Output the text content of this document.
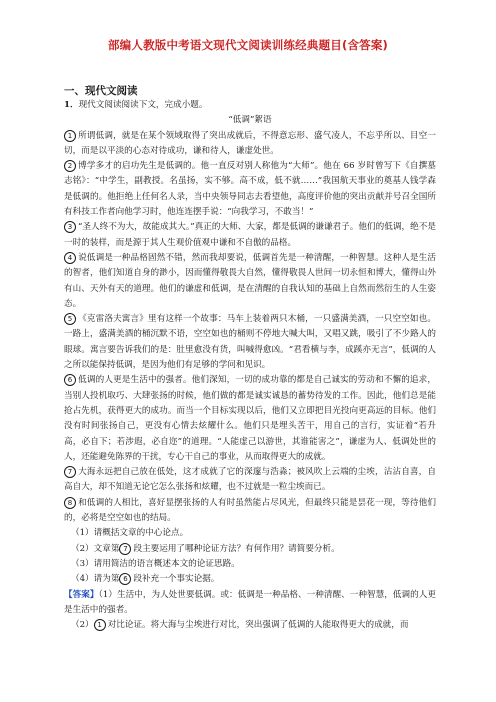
部编人教版中考语文现代文阅读训练经典题目(含答案)
一、现代文阅读

1．现代文阅读阅读下文，完成小题。

“低调”絮语

1 所谓低调，就是在某个领域取得了突出成就后，不得意忘形、盛气凌人，不忘乎所以、目空一切，而是以平淡的心态对待成功，谦和待人，谦虚处世。

2 博学多才的启功先生是低调的。他一直反对别人称他为“大师”。他在 66 岁时曾写下《自撰墓志铭》：“中学生，副教授。名虽扬，实不够。高不成，低不就……”我国航天事业的奠基人钱学森是低调的。他拒绝上任何名人录，当中央领导同志去看望他，高度评价他的突出贡献并号召全国所有科技工作者向他学习时，他连连摆手说：“向我学习，不敢当！”

3 “圣人终不为大，故能成其大。”真正的大师、大家，都是低调的谦谦君子。他们的低调，绝不是一时的装样，而是源于其人生观价值观中谦和不自傲的品格。

4 说低调是一种品格固然不错，然而我却要说，低调首先是一种清醒，一种智慧。这种人是生活的智者，他们知道自身的渺小，因而懂得敬畏大自然，懂得敬畏人世间一切永恒和博大，懂得山外有山、天外有天的道理。他们的谦虚和低调，是在清醒的自我认知的基础上自然而然衍生的人生姿态。

5 《克雷洛夫寓言》里有这样一个故事：马车上装着两只木桶，一只盛满美酒，一只空空如也。一路上，盛满美酒的桶沉默不语，空空如也的桶则不停地大喊大叫，又唱又跳，吸引了不少路人的眼球。寓言要告诉我们的是：肚里愈没有货，叫喊得愈凶。“君看横与李，成蹊亦无言”，低调的人之所以能保持低调，是因为他们有足够的学问和见识。

6 低调的人更是生活中的强者。他们深知，一切的成功靠的都是自己诚实的劳动和不懈的追求，当别人投机取巧、大肆张扬的时候，他们做的都是诚实诚恳的蓄势待发的工作。因此，他们总是能抢占先机，获得更大的成功。而当一个目标实现以后，他们又立即把目光投向更高远的目标。他们没有时间张扬自己，更没有心情去炫耀什么。他们只是埋头苦干，用自己的言行，实证着“若升高，必自下；若涉遐，必自迩”的道理。“人能虚己以游世，其谁能害之”，谦虚为人、低调处世的人，还能避免陈界的干扰，专心干自己的事业，从而取得更大的成就。

7 大海永远把自己放在低处，这才成就了它的深邃与浩淼；被风吹上云端的尘埃，沾沾自喜，自高自大，却不知道无论它怎么张扬和炫耀，也不过就是一粒尘埃而已。

8 和低调的人相比，喜好显摆张扬的人有时虽然能占尽风光，但最终只能是昙花一现，等待他们的，必将是空空如也的结局。

（1）请概括文章的中心论点。

（2）文章第 7 段主要运用了哪种论证方法？有何作用？请简要分析。

（3）请用简洁的语言概述本文的论证思路。

（4）请为第 6 段补充一个事实论据。

【答案】（1）生活中，为人处世要低调。或：低调是一种品格、一种清醒、一种智慧，低调的人更是生活中的强者。

（2） 1 对比论证。将大海与尘埃进行对比，突出强调了低调的人能取得更大的成就，而
